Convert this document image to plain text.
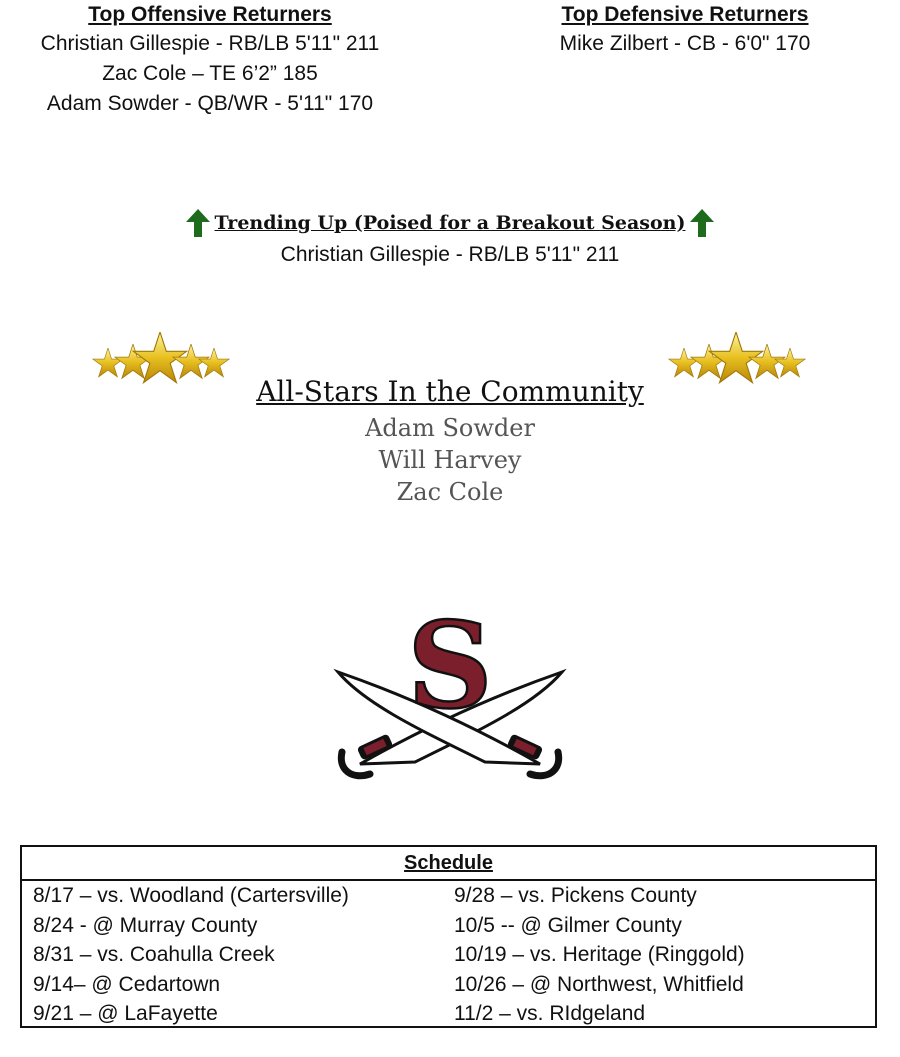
Top Offensive Returners
Christian Gillespie - RB/LB 5'11" 211
Zac Cole – TE 6’2” 185
Adam Sowder - QB/WR - 5'11" 170
Top Defensive Returners
Mike Zilbert - CB - 6'0" 170
Trending Up (Poised for a Breakout Season)
Christian Gillespie - RB/LB 5'11" 211
All-Stars In the Community
Adam Sowder
Will Harvey
Zac Cole
S
Schedule
8/17 – vs. Woodland (Cartersville)
8/24 - @ Murray County
8/31 – vs. Coahulla Creek
9/14– @ Cedartown
9/21 – @ LaFayette
9/28 – vs. Pickens County
10/5 -- @ Gilmer County
10/19 – vs. Heritage (Ringgold)
10/26 – @ Northwest, Whitfield
11/2 – vs. RIdgeland
